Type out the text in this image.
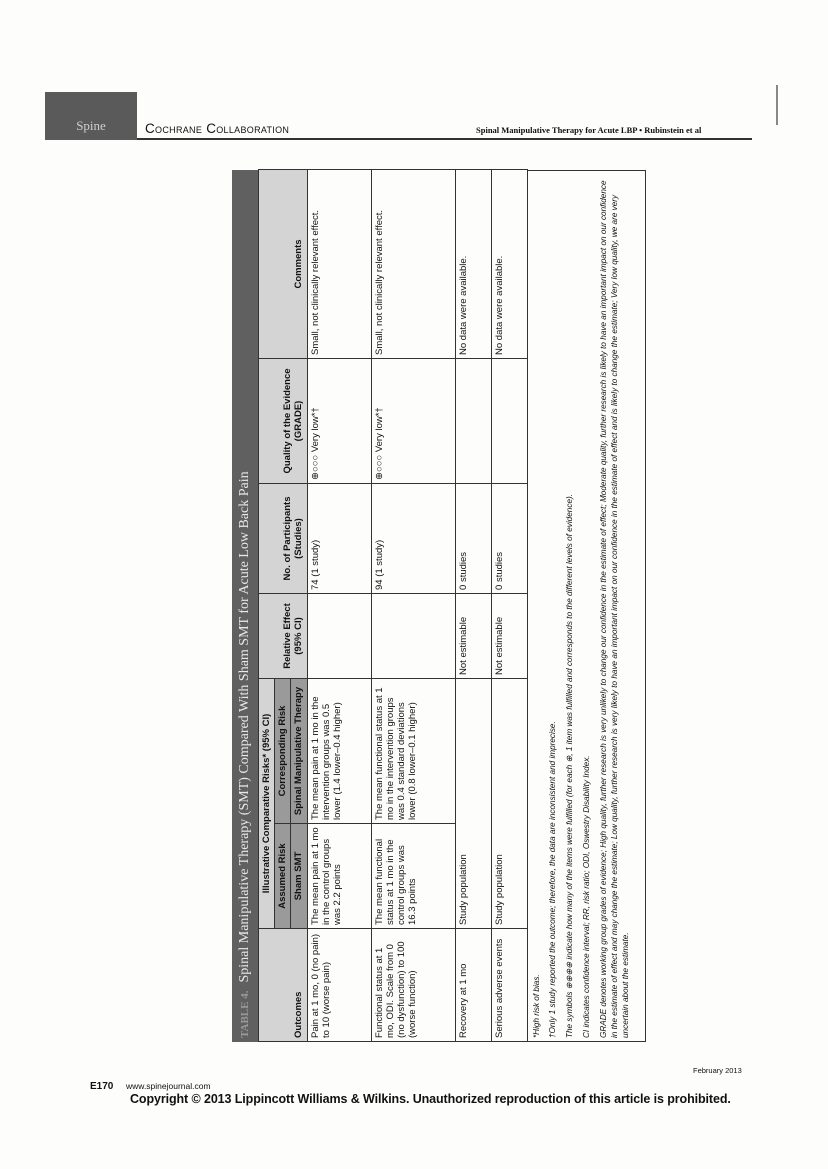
Spine	Cochrane Collaboration	Spinal Manipulative Therapy for Acute LBP • Rubinstein et al
TABLE 4.
Spinal Manipulative Therapy (SMT) Compared With Sham SMT for Acute Low Back Pain
Outcomes	Illustrative Comparative Risks* (95% CI)		Relative Effect (95% CI)	No. of Participants (Studies)	Quality of the Evidence (GRADE)	Comments
	Assumed Risk	Corresponding Risk				
	Sham SMT	Spinal Manipulative Therapy				
Pain at 1 mo, 0 (no pain) to 10 (worse pain)	The mean pain at 1 mo in the control groups was 2.2 points	The mean pain at 1 mo in the intervention groups was 0.5 lower (1.4 lower–0.4 higher)		74 (1 study)	⊕○○○ Very low*†	Small, not clinically relevant effect.
Functional status at 1 mo, ODI. Scale from 0 (no dysfunction) to 100 (worse function)	The mean functional status at 1 mo in the control groups was 16.3 points	The mean functional status at 1 mo in the intervention groups was 0.4 standard deviations lower (0.8 lower–0.1 higher)		94 (1 study)	⊕○○○ Very low*†	Small, not clinically relevant effect.
Recovery at 1 mo	Study population		Not estimable	0 studies		No data were available.
Serious adverse events	Study population		Not estimable	0 studies		No data were available.

*High risk of bias. †Only 1 study reported the outcome; therefore, the data are inconsistent and imprecise. The symbols ⊕⊕⊕⊕ indicate how many of the items were fulfilled (for each ⊕, 1 item was fulfilled and corresponds to the different levels of evidence). CI indicates confidence interval; RR, risk ratio; ODI, Oswestry Disability Index. GRADE denotes working group grades of evidence; High quality, further research is very unlikely to change our confidence in the estimate of effect; Moderate quality, further research is likely to have an important impact on our confidence in the estimate of effect and may change the estimate; Low quality, further research is very likely to have an important impact on our confidence in the estimate of effect and is likely to change the estimate; Very low quality, we are very uncertain about the estimate.

February 2013
E170 www.spinejournal.com
Copyright © 2013 Lippincott Williams & Wilkins. Unauthorized reproduction of this article is prohibited.
